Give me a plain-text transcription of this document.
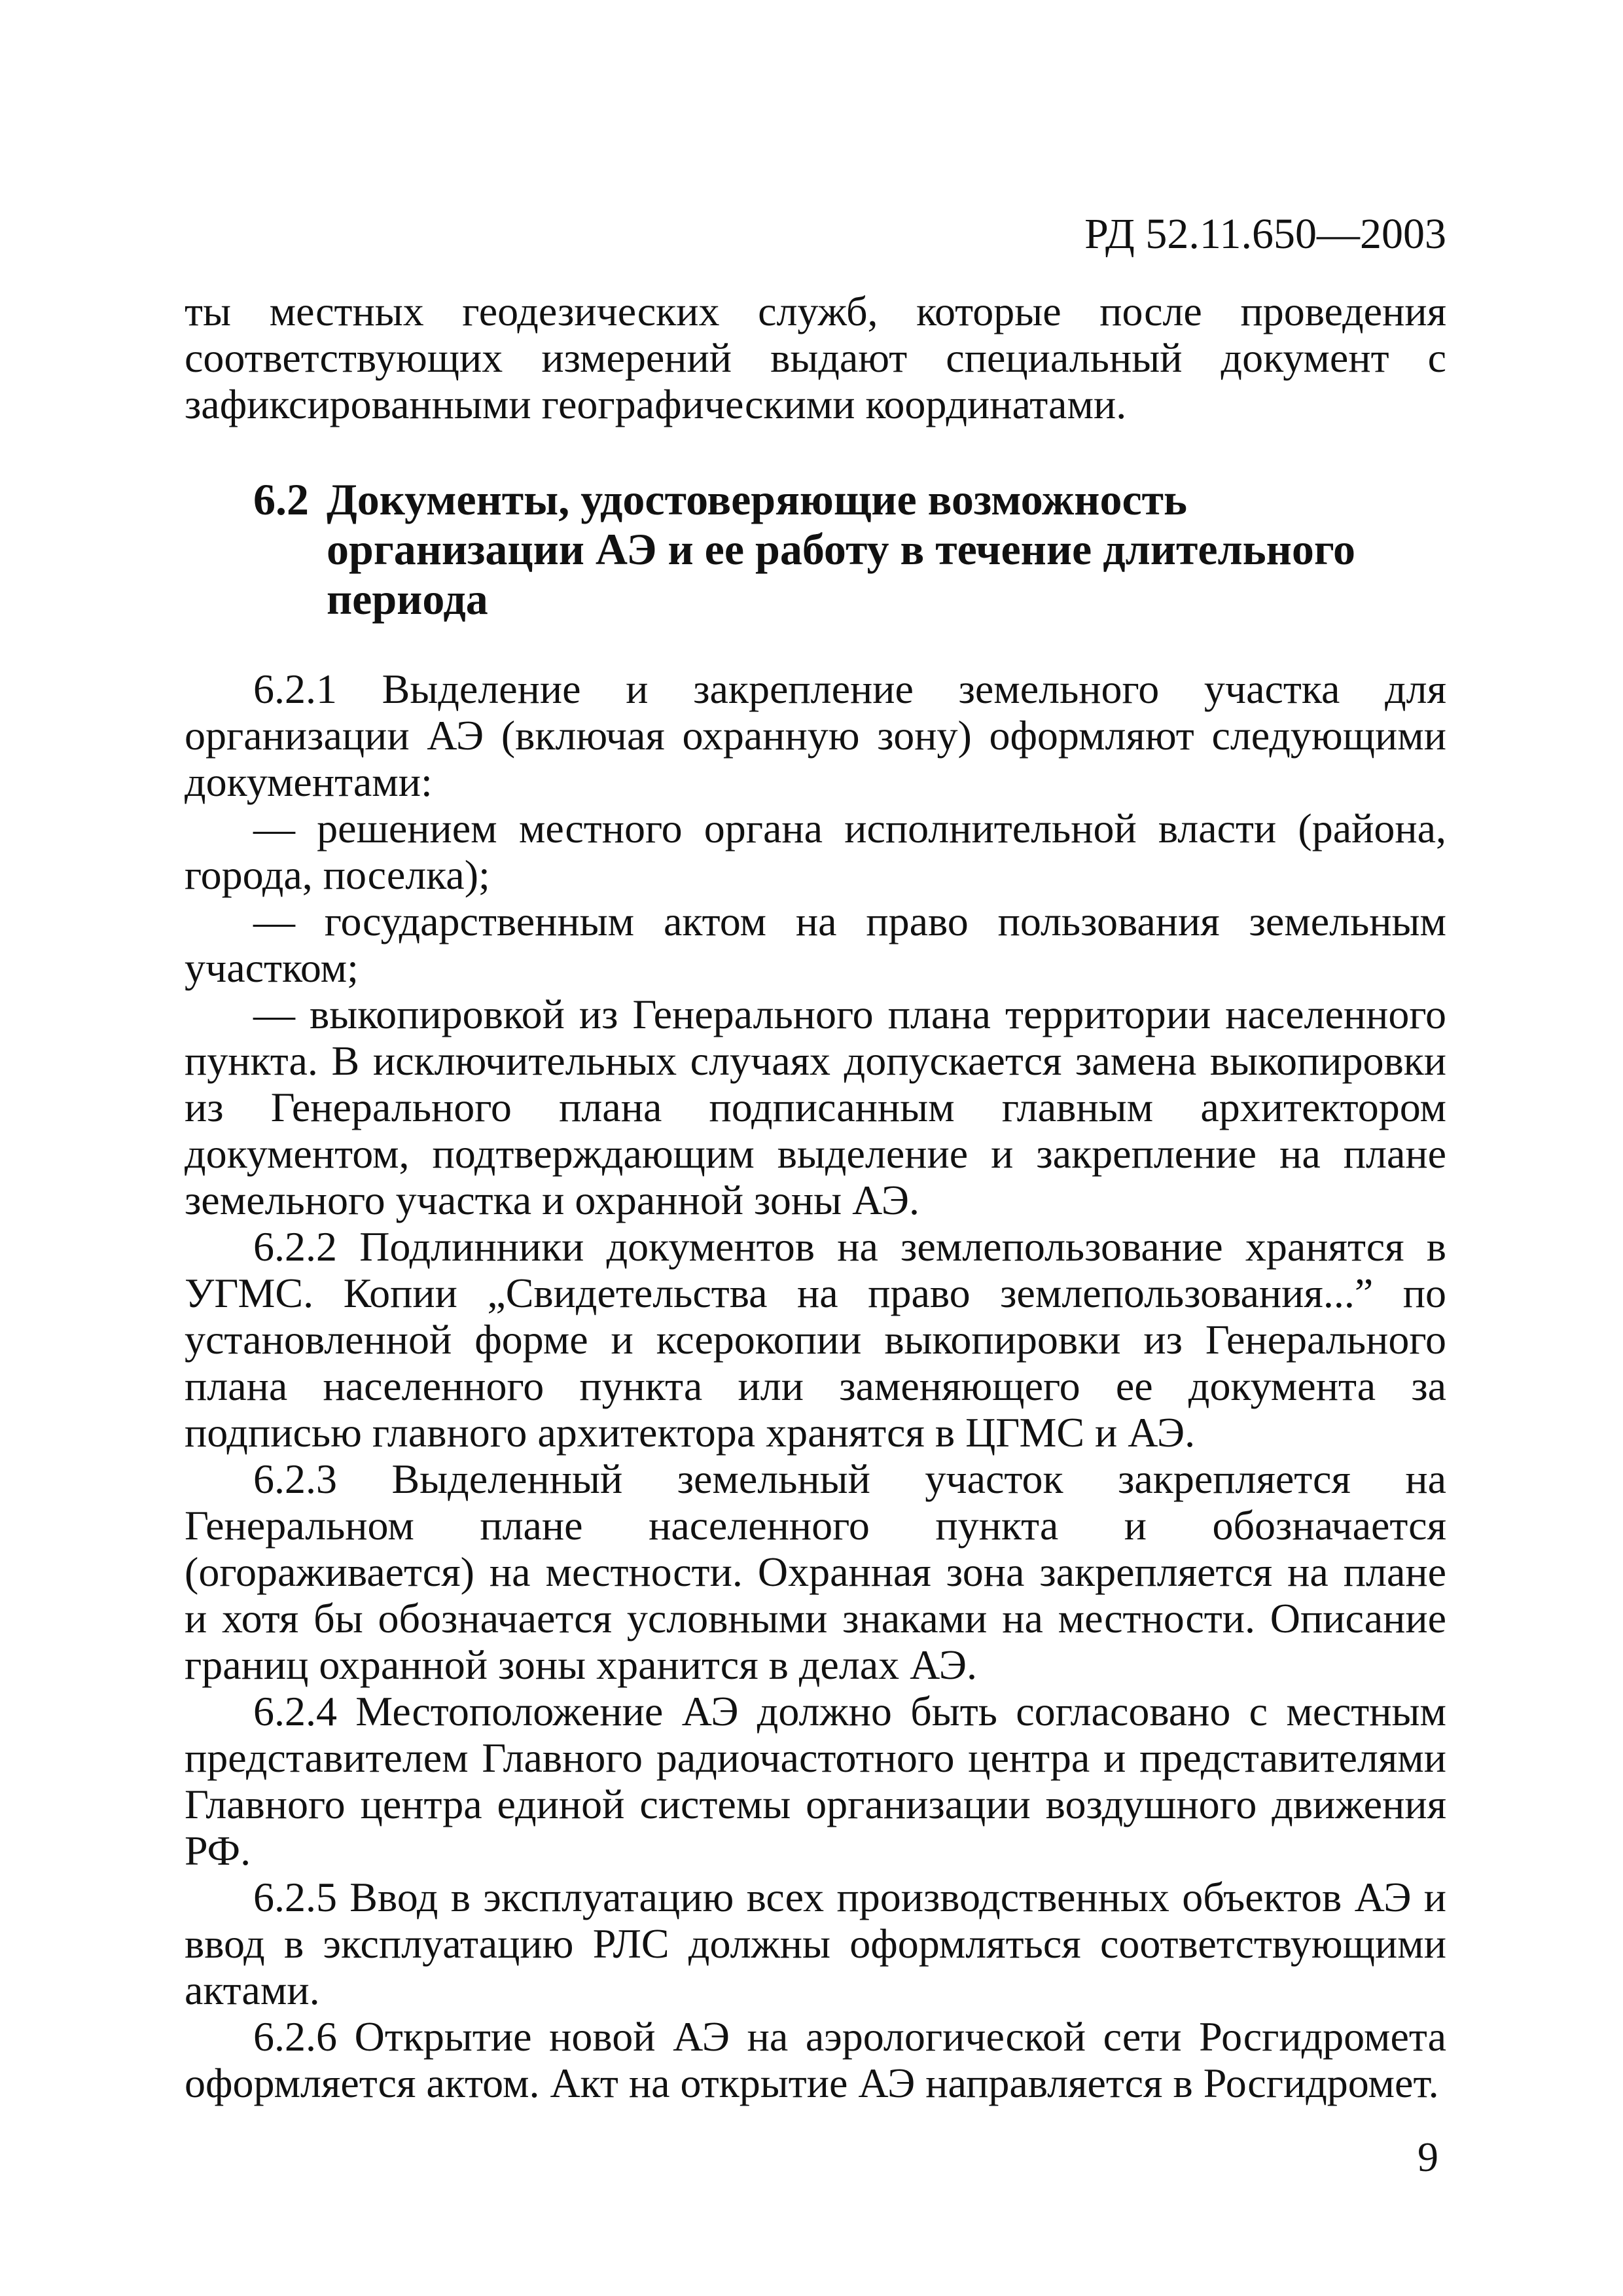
РД 52.11.650—2003

ты местных геодезических служб, которые после проведения соответствующих измерений выдают специальный документ с зафиксированными географическими координатами.

6.2 Документы, удостоверяющие возможность организации АЭ и ее работу в течение длительного периода

6.2.1 Выделение и закрепление земельного участка для организации АЭ (включая охранную зону) оформляют следующими документами:

— решением местного органа исполнительной власти (района, города, поселка);

— государственным актом на право пользования земельным участком;

— выкопировкой из Генерального плана территории населенного пункта. В исключительных случаях допускается замена выкопировки из Генерального плана подписанным главным архитектором документом, подтверждающим выделение и закрепление на плане земельного участка и охранной зоны АЭ.

6.2.2 Подлинники документов на землепользование хранятся в УГМС. Копии „Свидетельства на право землепользования...” по установленной форме и ксерокопии выкопировки из Генерального плана населенного пункта или заменяющего ее документа за подписью главного архитектора хранятся в ЦГМС и АЭ.

6.2.3 Выделенный земельный участок закрепляется на Генеральном плане населенного пункта и обозначается (огораживается) на местности. Охранная зона закрепляется на плане и хотя бы обозначается условными знаками на местности. Описание границ охранной зоны хранится в делах АЭ.

6.2.4 Местоположение АЭ должно быть согласовано с местным представителем Главного радиочастотного центра и представителями Главного центра единой системы организации воздушного движения РФ.

6.2.5 Ввод в эксплуатацию всех производственных объектов АЭ и ввод в эксплуатацию РЛС должны оформляться соответствующими актами.

6.2.6 Открытие новой АЭ на аэрологической сети Росгидромета оформляется актом. Акт на открытие АЭ направляется в Росгидромет.

9
